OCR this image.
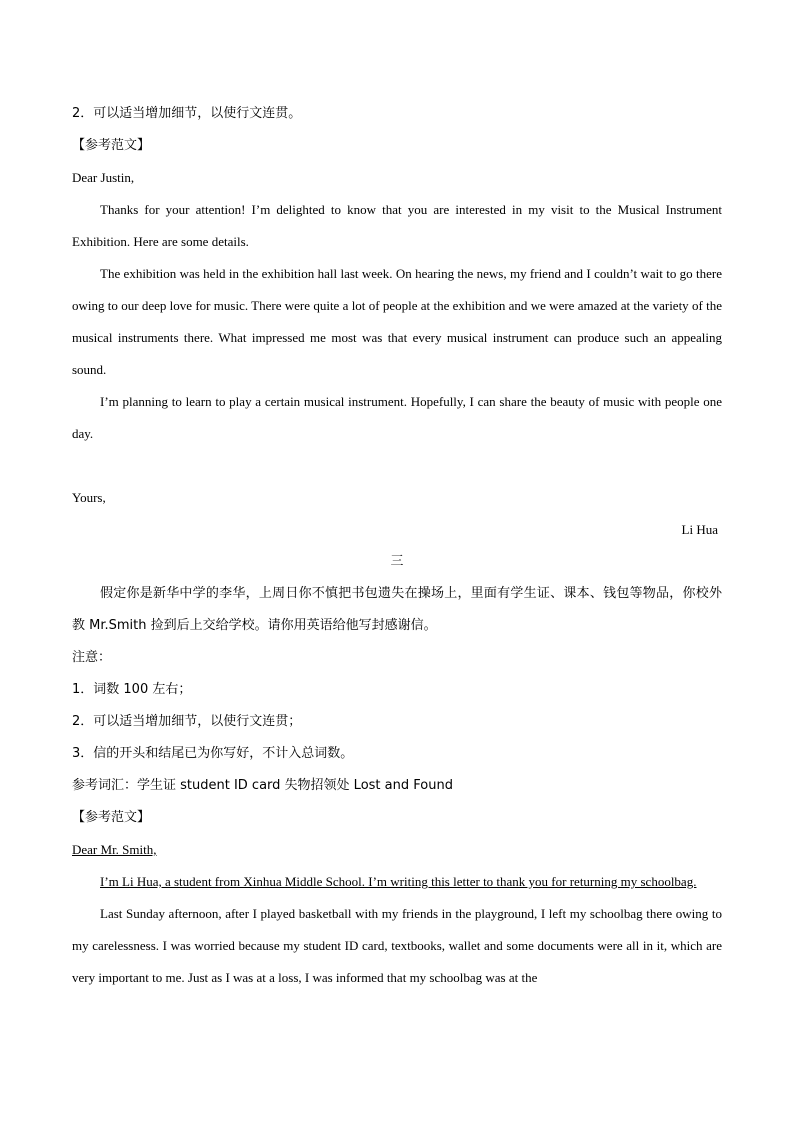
2．可以适当增加细节，以使行文连贯。
【参考范文】
Dear Justin,

Thanks for your attention! I’m delighted to know that you are interested in my visit to the Musical Instrument Exhibition. Here are some details.

The exhibition was held in the exhibition hall last week. On hearing the news, my friend and I couldn’t wait to go there owing to our deep love for music. There were quite a lot of people at the exhibition and we were amazed at the variety of the musical instruments there. What impressed me most was that every musical instrument can produce such an appealing sound.

I’m planning to learn to play a certain musical instrument. Hopefully, I can share the beauty of music with people one day.

Yours,
Li Hua
三

假定你是新华中学的李华，上周日你不慎把书包遗失在操场上，里面有学生证、课本、钱包等物品，你校外教 Mr.Smith 捡到后上交给学校。请你用英语给他写封感谢信。

注意：
1．词数 100 左右；
2．可以适当增加细节，以使行文连贯；
3．信的开头和结尾已为你写好，不计入总词数。
参考词汇：学生证 student ID card 失物招领处 Lost and Found
【参考范文】
Dear Mr. Smith,

I’m Li Hua, a student from Xinhua Middle School. I’m writing this letter to thank you for returning my schoolbag.

Last Sunday afternoon, after I played basketball with my friends in the playground, I left my schoolbag there owing to my carelessness. I was worried because my student ID card, textbooks, wallet and some documents were all in it, which are very important to me. Just as I was at a loss, I was informed that my schoolbag was at the
